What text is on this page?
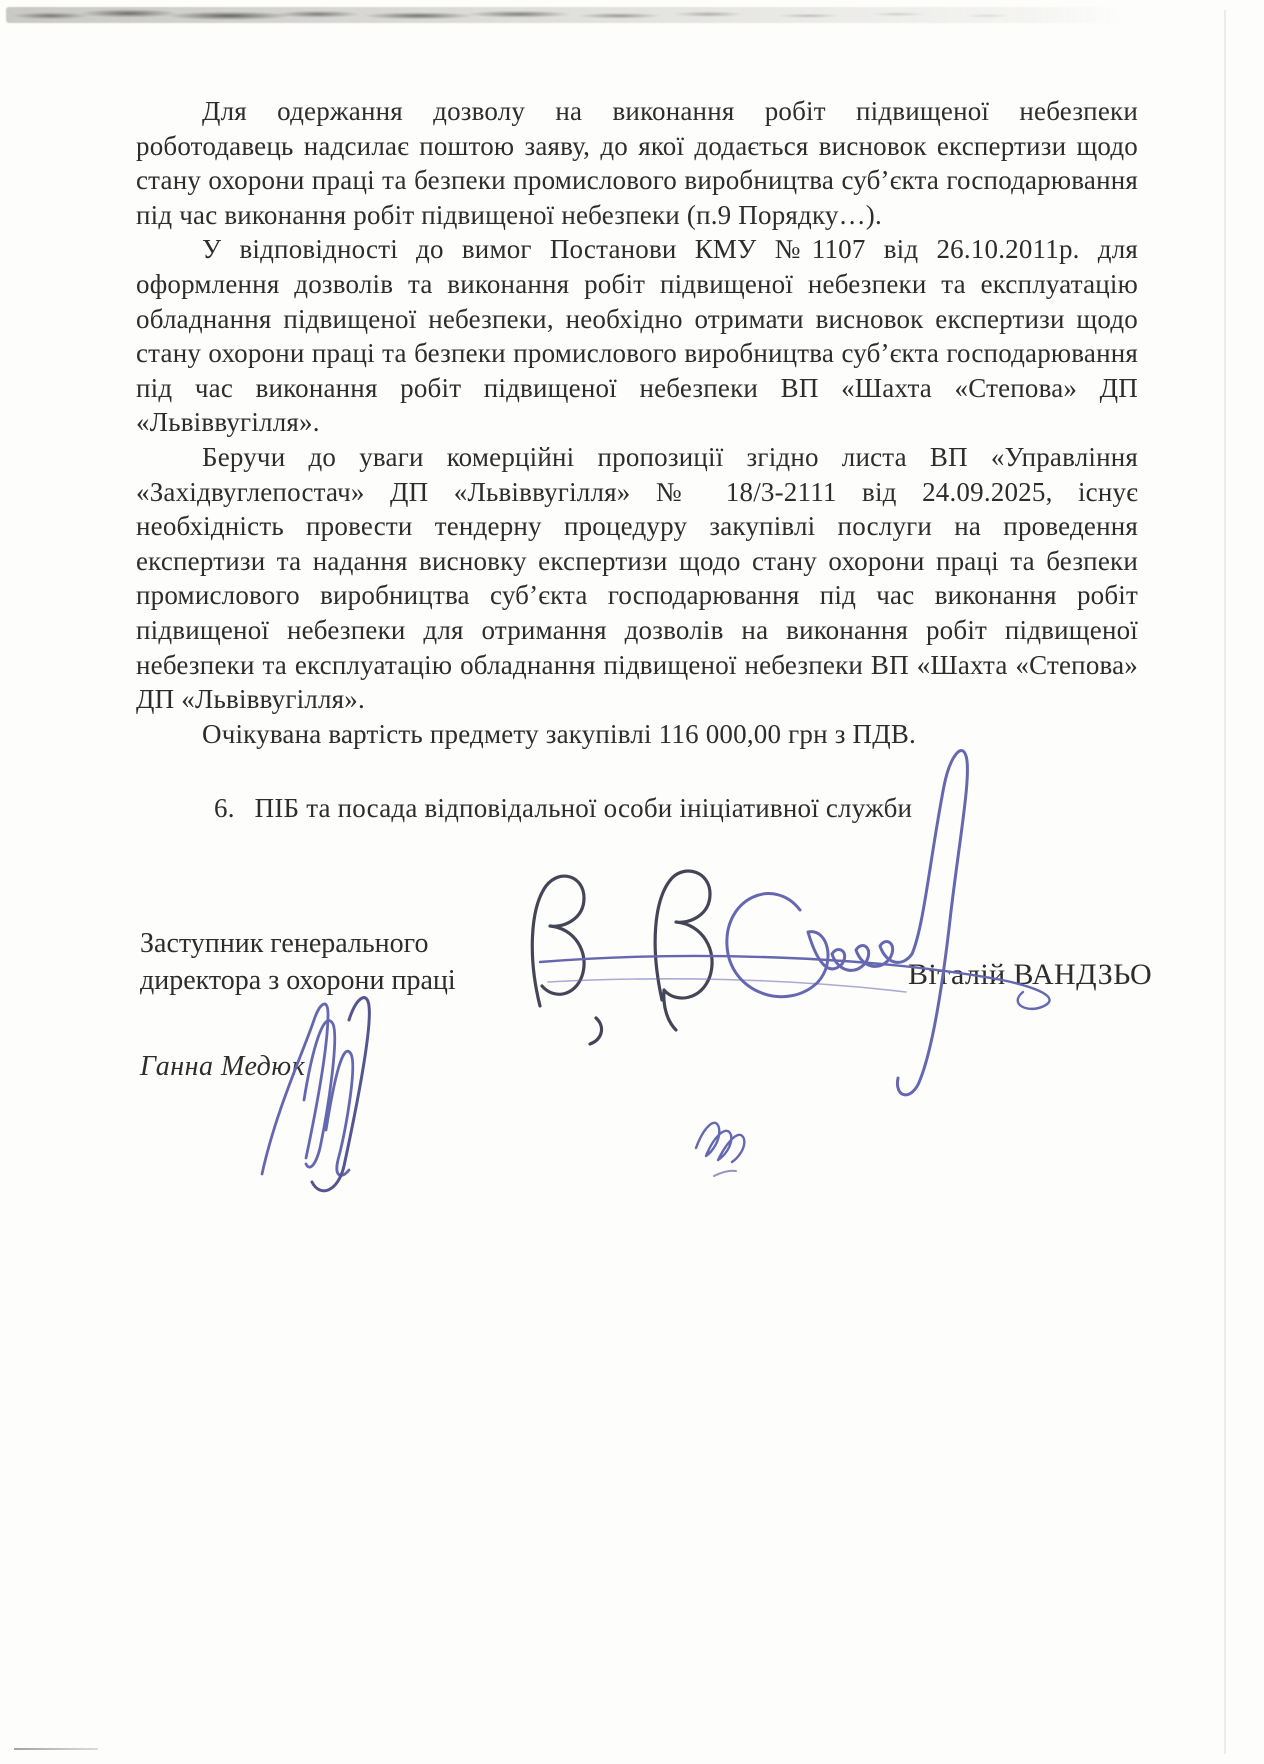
Для одержання дозволу на виконання робіт підвищеної небезпеки роботодавець надсилає поштою заяву, до якої додається висновок експертизи щодо стану охорони праці та безпеки промислового виробництва суб’єкта господарювання під час виконання робіт підвищеної небезпеки (п.9 Порядку…).

У відповідності до вимог Постанови КМУ №1107 від 26.10.2011р. для оформлення дозволів та виконання робіт підвищеної небезпеки та експлуатацію обладнання підвищеної небезпеки, необхідно отримати висновок експертизи щодо стану охорони праці та безпеки промислового виробництва суб’єкта господарювання під час виконання робіт підвищеної небезпеки ВП «Шахта «Степова» ДП «Львіввугілля».

Беручи до уваги комерційні пропозиції згідно листа ВП «Управління «Західвуглепостач» ДП «Львіввугілля» № 18/3-2111 від 24.09.2025, існує необхідність провести тендерну процедуру закупівлі послуги на проведення експертизи та надання висновку експертизи щодо стану охорони праці та безпеки промислового виробництва суб’єкта господарювання під час виконання робіт підвищеної небезпеки для отримання дозволів на виконання робіт підвищеної небезпеки та експлуатацію обладнання підвищеної небезпеки ВП «Шахта «Степова» ДП «Львіввугілля».

Очікувана вартість предмету закупівлі 116 000,00 грн з ПДВ.

6. ПІБ та посада відповідальної особи ініціативної служби
Заступник генерального
директора з охорони праці	Віталій ВАНДЗЬО
Ганна Медюк
